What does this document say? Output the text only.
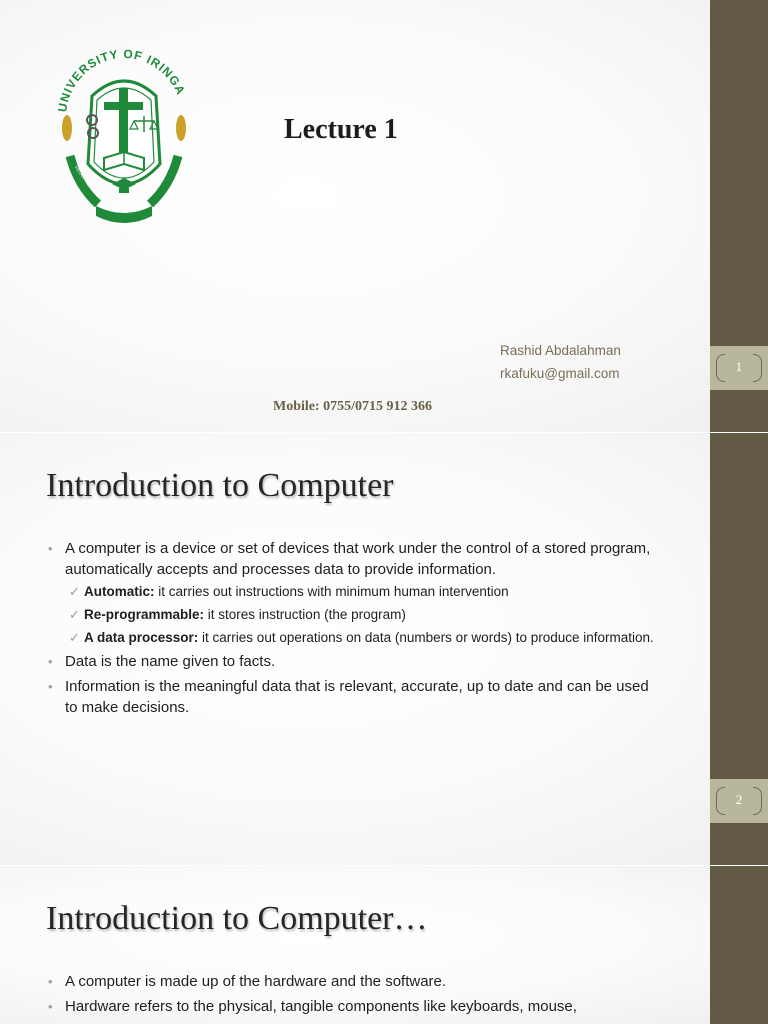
1
UNIVERSITY OF IRINGA
RESEARCH	KNOWLEDGE
Lecture 1
Rashid Abdalahman
rkafuku@gmail.com
Mobile: 0755/0715 912 366
2
Introduction to Computer
• A computer is a device or set of devices that work under the control of a stored program, automatically accepts and processes data to provide information.
✓ Automatic: it carries out instructions with minimum human intervention
✓ Re-programmable: it stores instruction (the program)
✓ A data processor: it carries out operations on data (numbers or words) to produce information.
• Data is the name given to facts.
• Information is the meaningful data that is relevant, accurate, up to date and can be used to make decisions.
Introduction to Computer…
• A computer is made up of the hardware and the software.
• Hardware refers to the physical, tangible components like keyboards, mouse,
